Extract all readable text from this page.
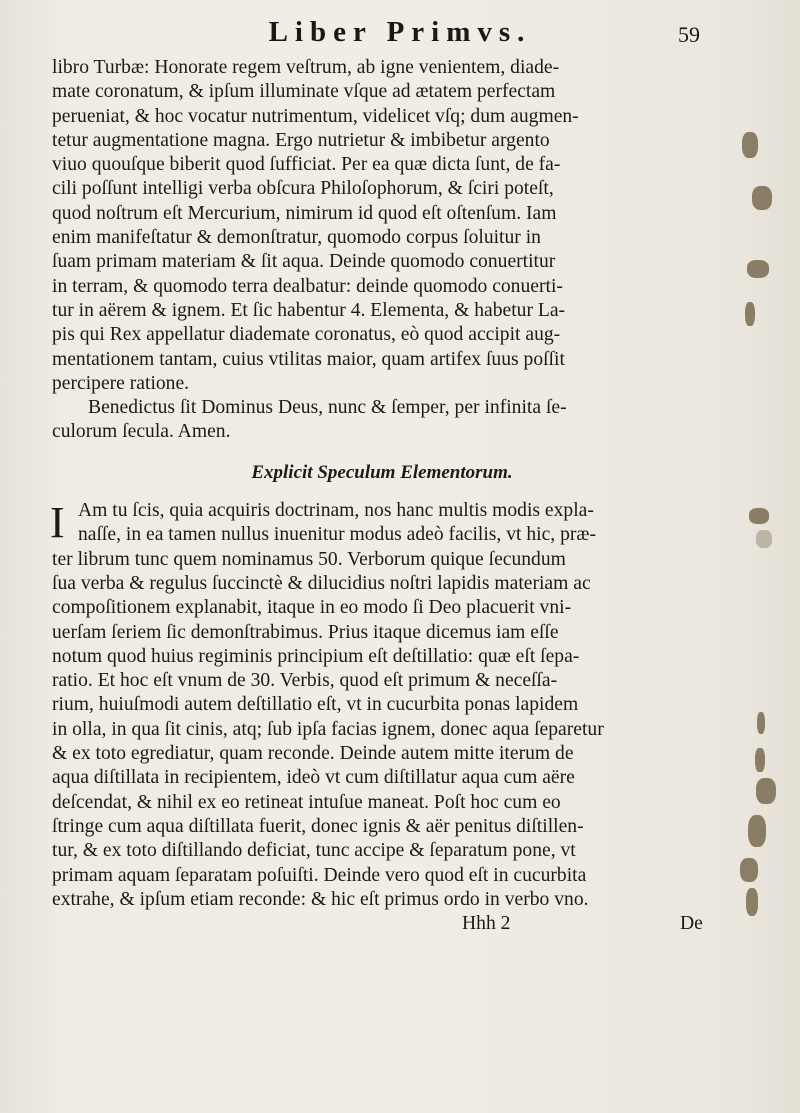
Liber Primvs.	59
libro Turbæ: Honorate regem veſtrum, ab igne venientem, diade-
mate coronatum, & ipſum illuminate vſque ad ætatem perfectam
perueniat, & hoc vocatur nutrimentum, videlicet vſq; dum augmen-
tetur augmentatione magna. Ergo nutrietur & imbibetur argento
viuo quouſque biberit quod ſufficiat. Per ea quæ dicta ſunt, de fa-
cili poſſunt intelligi verba obſcura Philoſophorum, & ſciri poteſt,
quod noſtrum eſt Mercurium, nimirum id quod eſt oſtenſum. Iam
enim manifeſtatur & demonſtratur, quomodo corpus ſoluitur in
ſuam primam materiam & ſit aqua. Deinde quomodo conuertitur
in terram, & quomodo terra dealbatur: deinde quomodo conuerti-
tur in aërem & ignem. Et ſic habentur 4. Elementa, & habetur La-
pis qui Rex appellatur diademate coronatus, eò quod accipit aug-
mentationem tantam, cuius vtilitas maior, quam artifex ſuus poſſit
percipere ratione.
Benedictus ſit Dominus Deus, nunc & ſemper, per infinita ſe-
culorum ſecula. Amen.
Explicit Speculum Elementorum.
I Am tu ſcis, quia acquiris doctrinam, nos hanc multis modis expla-
naſſe, in ea tamen nullus inuenitur modus adeò facilis, vt hic, præ-
ter librum tunc quem nominamus 50. Verborum quique ſecundum
ſua verba & regulus ſuccinctè & dilucidius noſtri lapidis materiam ac
compoſitionem explanabit, itaque in eo modo ſi Deo placuerit vni-
uerſam ſeriem ſic demonſtrabimus. Prius itaque dicemus iam eſſe
notum quod huius regiminis principium eſt deſtillatio: quæ eſt ſepa-
ratio. Et hoc eſt vnum de 30. Verbis, quod eſt primum & neceſſa-
rium, huiuſmodi autem deſtillatio eſt, vt in cucurbita ponas lapidem
in olla, in qua ſit cinis, atq; ſub ipſa facias ignem, donec aqua ſeparetur
& ex toto egrediatur, quam reconde. Deinde autem mitte iterum de
aqua diſtillata in recipientem, ideò vt cum diſtillatur aqua cum aëre
deſcendat, & nihil ex eo retineat intuſue maneat. Poſt hoc cum eo
ſtringe cum aqua diſtillata fuerit, donec ignis & aër penitus diſtillen-
tur, & ex toto diſtillando deficiat, tunc accipe & ſeparatum pone, vt
primam aquam ſeparatam poſuiſti. Deinde vero quod eſt in cucurbita
extrahe, & ipſum etiam reconde: & hic eſt primus ordo in verbo vno.
Hhh 2	De
